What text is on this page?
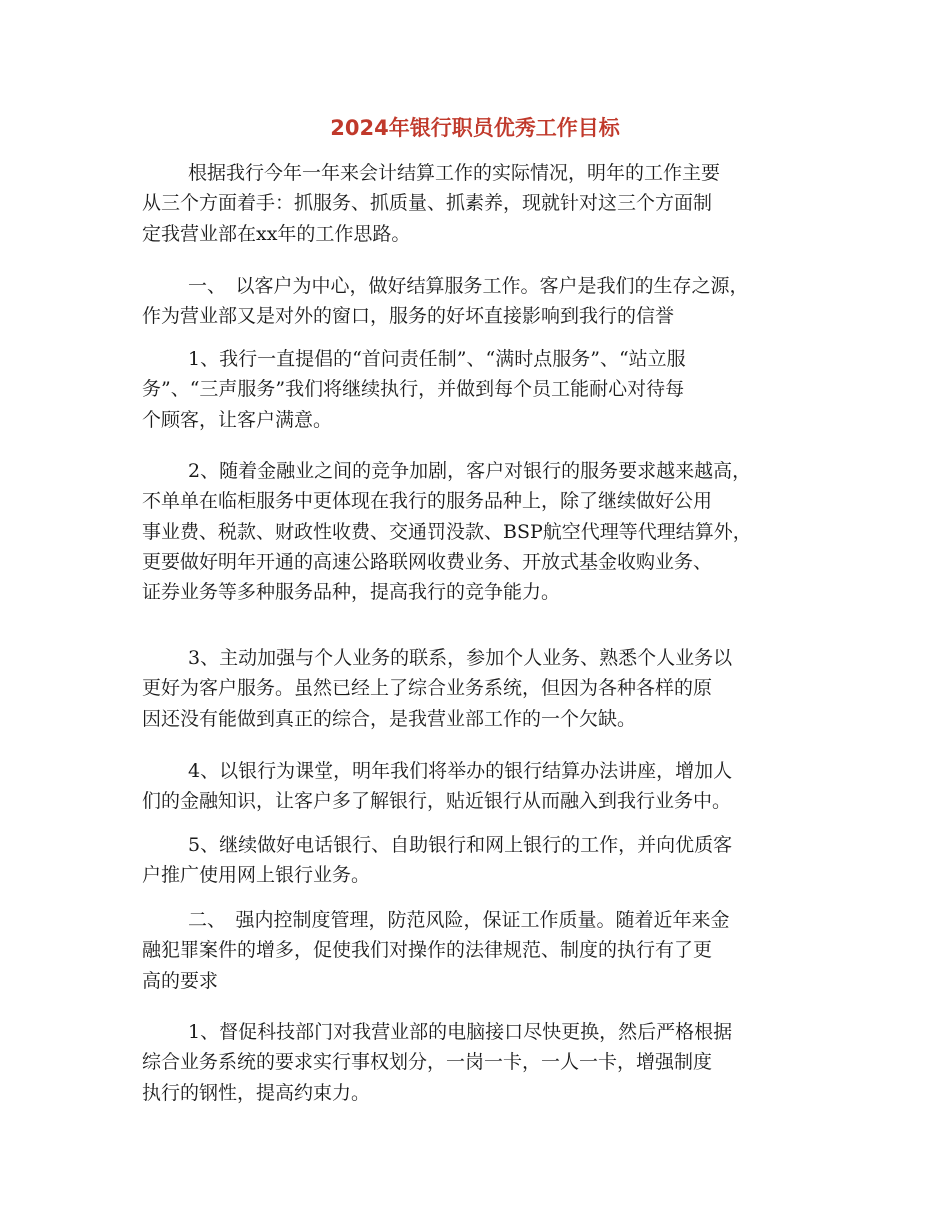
2024年银行职员优秀工作目标
根据我行今年一年来会计结算工作的实际情况，明年的工作主要
从三个方面着手：抓服务、抓质量、抓素养，现就针对这三个方面制
定我营业部在xx年的工作思路。
一、　以客户为中心，做好结算服务工作。客户是我们的生存之源，
作为营业部又是对外的窗口，服务的好坏直接影响到我行的信誉
1、我行一直提倡的“首问责任制”、“满时点服务”、“站立服
务”、“三声服务”我们将继续执行，并做到每个员工能耐心对待每
个顾客，让客户满意。
2、随着金融业之间的竞争加剧，客户对银行的服务要求越来越高，
不单单在临柜服务中更体现在我行的服务品种上，除了继续做好公用
事业费、税款、财政性收费、交通罚没款、BSP航空代理等代理结算外，
更要做好明年开通的高速公路联网收费业务、开放式基金收购业务、
证券业务等多种服务品种，提高我行的竞争能力。
3、主动加强与个人业务的联系，参加个人业务、熟悉个人业务以
更好为客户服务。虽然已经上了综合业务系统，但因为各种各样的原
因还没有能做到真正的综合，是我营业部工作的一个欠缺。
4、以银行为课堂，明年我们将举办的银行结算办法讲座，增加人
们的金融知识，让客户多了解银行，贴近银行从而融入到我行业务中。
5、继续做好电话银行、自助银行和网上银行的工作，并向优质客
户推广使用网上银行业务。
二、　强内控制度管理，防范风险，保证工作质量。随着近年来金
融犯罪案件的增多，促使我们对操作的法律规范、制度的执行有了更
高的要求
1、督促科技部门对我营业部的电脑接口尽快更换，然后严格根据
综合业务系统的要求实行事权划分，一岗一卡，一人一卡，增强制度
执行的钢性，提高约束力。
